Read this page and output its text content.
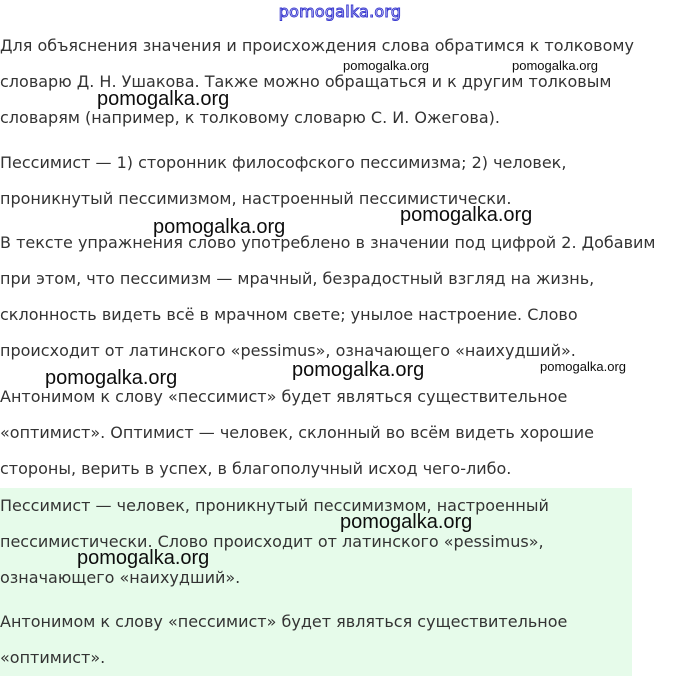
pomogalka.org

Для объяснения значения и происхождения слова обратимся к толковому
словарю Д. Н. Ушакова. Также можно обращаться и к другим толковым
словарям (например, к толковому словарю С. И. Ожегова).

Пессимист — 1) сторонник философского пессимизма; 2) человек,
проникнутый пессимизмом, настроенный пессимистически.

В тексте упражнения слово употреблено в значении под цифрой 2. Добавим
при этом, что пессимизм — мрачный, безрадостный взгляд на жизнь,
склонность видеть всё в мрачном свете; унылое настроение. Слово
происходит от латинского «pessimus», означающего «наихудший».

Антонимом к слову «пессимист» будет являться существительное
«оптимист». Оптимист — человек, склонный во всём видеть хорошие
стороны, верить в успех, в благополучный исход чего-либо.

Пессимист — человек, проникнутый пессимизмом, настроенный
пессимистически. Слово происходит от латинского «pessimus»,
означающего «наихудший».

Антонимом к слову «пессимист» будет являться существительное
«оптимист».

pomogalka.org	pomogalka.org
pomogalka.org
pomogalka.org
pomogalka.org
pomogalka.org	pomogalka.org	pomogalka.org
pomogalka.org
pomogalka.org
